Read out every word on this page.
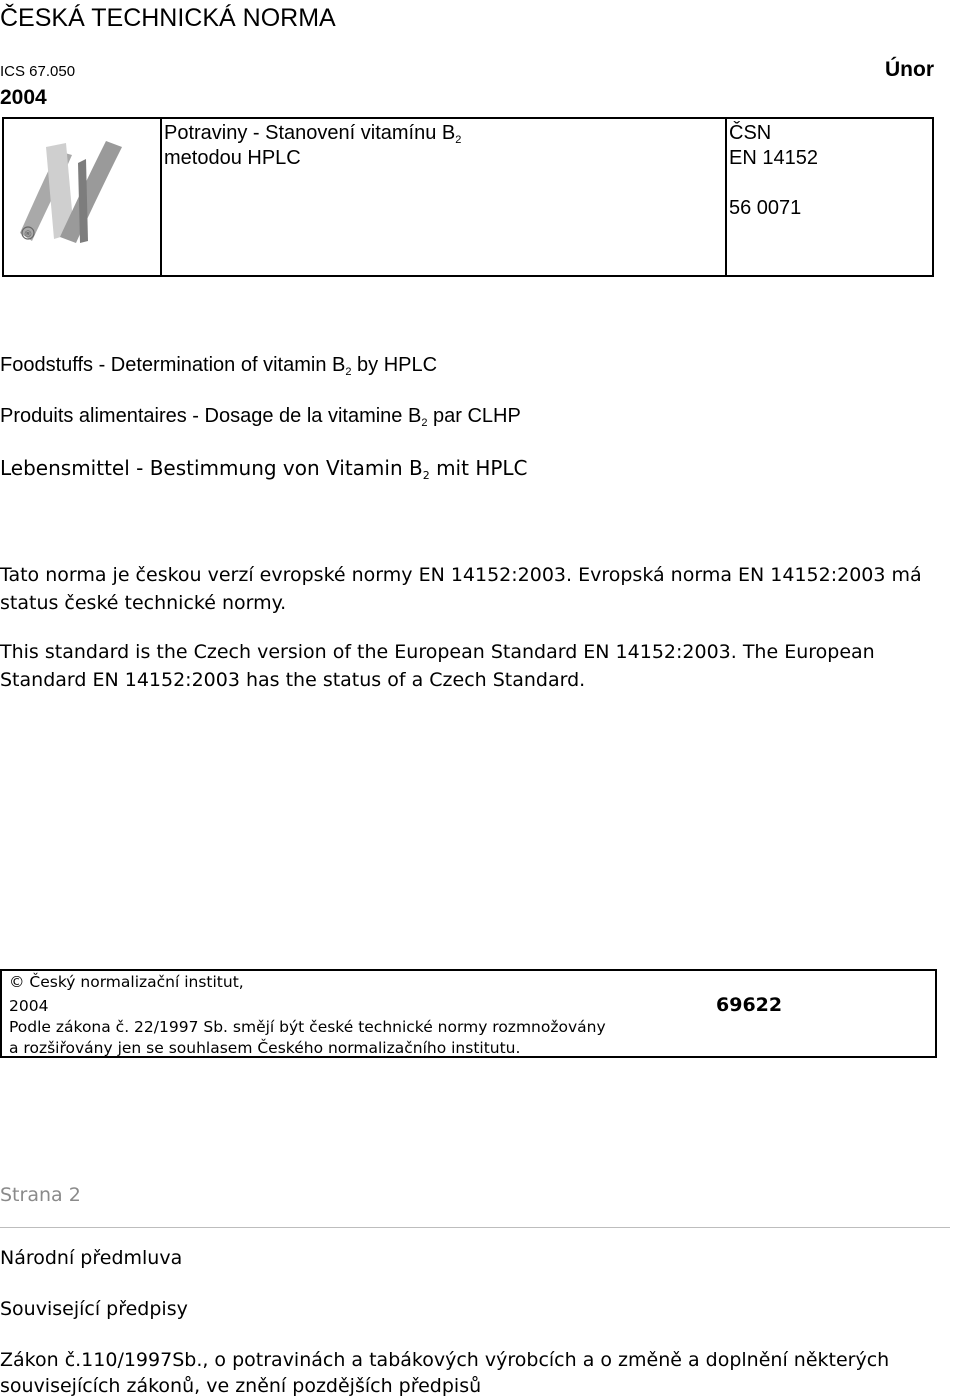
ČESKÁ TECHNICKÁ NORMA
ICS 67.050	Únor
2004
®
Potraviny - Stanovení vitamínu $B_2$
metodou HPLC
ČSN
EN 14152
56 0071
Foodstuffs - Determination of vitamin $B_2$ by HPLC
Produits alimentaires - Dosage de la vitamine $B_2$ par CLHP
Lebensmittel - Bestimmung von Vitamin $B_2$ mit HPLC
Tato norma je českou verzí evropské normy EN 14152:2003. Evropská norma EN 14152:2003 má status české technické normy.
This standard is the Czech version of the European Standard EN 14152:2003. The European Standard EN 14152:2003 has the status of a Czech Standard.
© Český normalizační institut,
2004	69622
Podle zákona č. 22/1997 Sb. smějí být české technické normy rozmnožovány
a rozšiřovány jen se souhlasem Českého normalizačního institutu.
Strana 2
Národní předmluva
Související předpisy
Zákon č.110/1997Sb., o potravinách a tabákových výrobcích a o změně a doplnění některých
souvisejících zákonů, ve znění pozdějších předpisů
